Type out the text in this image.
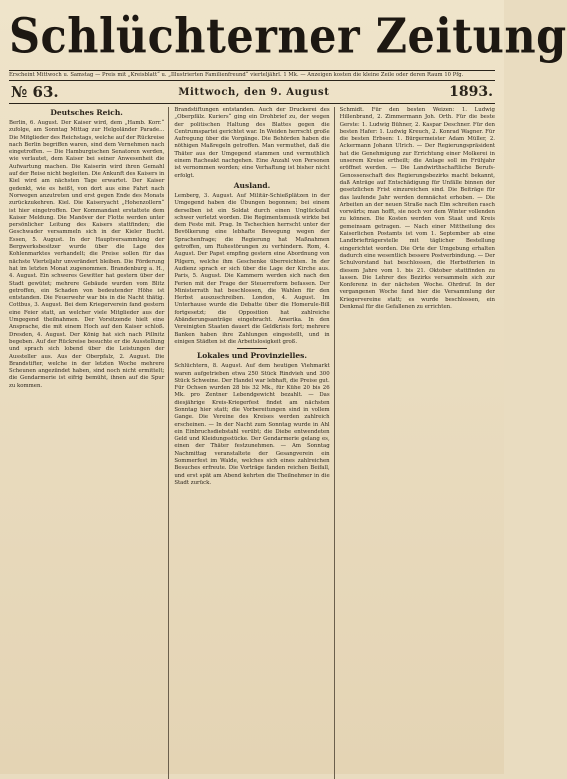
Schlüchterner Zeitung
Erscheint Mittwoch u. Samstag — Preis mit „Kreisblatt“ u. „Illustrierten Familienfreund“ vierteljährl. 1 Mk. — Anzeigen kosten die kleine Zeile oder deren Raum 10 Pfg.
№ 63.	Mittwoch, den 9. August	1893.
Deutsches Reich.

Berlin, 6. August. Der Kaiser wird, dem „Hamb. Korr.“ zufolge, am Sonntag Mittag zur Helgoländer Parade... Die Mitglieder des Reichstags, welche auf der Rückreise nach Berlin begriffen waren, sind dem Vernehmen nach eingetroffen. — Die Hamburgischen Senatoren werden, wie verlautet, dem Kaiser bei seiner Anwesenheit die Aufwartung machen. Die Kaiserin wird ihren Gemahl auf der Reise nicht begleiten. Die Ankunft des Kaisers in Kiel wird am nächsten Tage erwartet. Der Kaiser gedenkt, wie es heißt, von dort aus eine Fahrt nach Norwegen anzutreten und erst gegen Ende des Monats zurückzukehren. Kiel. Die Kaiseryacht „Hohenzollern“ ist hier eingetroffen. Der Kommandant erstattete dem Kaiser Meldung. Die Manöver der Flotte werden unter persönlicher Leitung des Kaisers stattfinden; die Geschwader versammeln sich in der Kieler Bucht. Essen, 5. August. In der Hauptversammlung der Bergwerksbesitzer wurde über die Lage des Kohlenmarktes verhandelt; die Preise sollen für das nächste Vierteljahr unverändert bleiben. Die Förderung hat im letzten Monat zugenommen. Brandenburg a. H., 4. August. Ein schweres Gewitter hat gestern über der Stadt gewütet; mehrere Gebäude wurden vom Blitz getroffen, ein Schaden von bedeutender Höhe ist entstanden. Die Feuerwehr war bis in die Nacht thätig. Cottbus, 3. August. Bei dem Kriegerverein fand gestern eine Feier statt, an welcher viele Mitglieder aus der Umgegend theilnahmen. Der Vorsitzende hielt eine Ansprache, die mit einem Hoch auf den Kaiser schloß. Dresden, 4. August. Der König hat sich nach Pillnitz begeben. Auf der Rückreise besuchte er die Ausstellung und sprach sich lobend über die Leistungen der Aussteller aus. Aus der Oberpfalz, 2. August. Die Brandstifter, welche in der letzten Woche mehrere Scheunen angezündet haben, sind noch nicht ermittelt; die Gendarmerie ist eifrig bemüht, ihnen auf die Spur zu kommen.

Brandstiftungen entstanden. Auch der Druckerei des „Oberpfälz. Kuriers“ ging ein Drohbrief zu, der wegen der politischen Haltung des Blattes gegen die Centrumspartei gerichtet war. In Weiden herrscht große Aufregung über die Vorgänge. Die Behörden haben die nöthigen Maßregeln getroffen. Man vermuthet, daß die Thäter aus der Umgegend stammen und vermuthlich einem Racheakt nachgehen. Eine Anzahl von Personen ist vernommen worden; eine Verhaftung ist bisher nicht erfolgt.

Ausland.

Lemberg, 3. August. Auf Militär-Schießplätzen in der Umgegend haben die Übungen begonnen; bei einem derselben ist ein Soldat durch einen Unglücksfall schwer verletzt worden. Die Regimentsmusik wirkte bei dem Feste mit. Prag. In Tschechien herrscht unter der Bevölkerung eine lebhafte Bewegung wegen der Sprachenfrage; die Regierung hat Maßnahmen getroffen, um Ruhestörungen zu verhindern. Rom, 4. August. Der Papst empfing gestern eine Abordnung von Pilgern, welche ihm Geschenke überreichten. In der Audienz sprach er sich über die Lage der Kirche aus. Paris, 5. August. Die Kammern werden sich nach den Ferien mit der Frage der Steuerreform befassen. Der Ministerrath hat beschlossen, die Wahlen für den Herbst auszuschreiben. London, 4. August. Im Unterhause wurde die Debatte über die Homerule-Bill fortgesetzt; die Opposition hat zahlreiche Abänderungsanträge eingebracht. Amerika. In den Vereinigten Staaten dauert die Geldkrisis fort; mehrere Banken haben ihre Zahlungen eingestellt, und in einigen Städten ist die Arbeitslosigkeit groß.

Lokales und Provinzielles.

Schlüchtern, 8. August. Auf dem heutigen Viehmarkt waren aufgetrieben etwa 250 Stück Rindvieh und 300 Stück Schweine. Der Handel war lebhaft, die Preise gut. Für Ochsen wurden 28 bis 32 Mk., für Kühe 20 bis 26 Mk. pro Zentner Lebendgewicht bezahlt. — Das diesjährige Kreis-Kriegerfest findet am nächsten Sonntag hier statt; die Vorbereitungen sind in vollem Gange. Die Vereine des Kreises werden zahlreich erscheinen. — In der Nacht zum Sonntag wurde in Ahl ein Einbruchsdiebstahl verübt; die Diebe entwendeten Geld und Kleidungsstücke. Der Gendarmerie gelang es, einen der Thäter festzunehmen. — Am Sonntag Nachmittag veranstaltete der Gesangverein ein Sommerfest im Walde, welches sich eines zahlreichen Besuches erfreute. Die Vorträge fanden reichen Beifall, und erst spät am Abend kehrten die Theilnehmer in die Stadt zurück.

Schmidt. Für den besten Weizen: 1. Ludwig Hillenbrand, 2. Zimmermann Joh. Orth. Für die beste Gerste: 1. Ludwig Bühner, 2. Kaspar Deschner. Für den besten Hafer: 1. Ludwig Kreuch, 2. Konrad Wagner. Für die besten Erbsen: 1. Bürgermeister Adam Müller, 2. Ackermann Johann Ulrich. — Der Regierungspräsident hat die Genehmigung zur Errichtung einer Molkerei in unserem Kreise ertheilt; die Anlage soll im Frühjahr eröffnet werden. — Die Landwirthschaftliche Berufs-Genossenschaft des Regierungsbezirks macht bekannt, daß Anträge auf Entschädigung für Unfälle binnen der gesetzlichen Frist einzureichen sind. Die Beiträge für das laufende Jahr werden demnächst erhoben. — Die Arbeiten an der neuen Straße nach Elm schreiten rasch vorwärts; man hofft, sie noch vor dem Winter vollenden zu können. Die Kosten werden von Staat und Kreis gemeinsam getragen. — Nach einer Mittheilung des Kaiserlichen Postamts ist vom 1. September ab eine Landbriefträgerstelle mit täglicher Bestellung eingerichtet worden. Die Orte der Umgebung erhalten dadurch eine wesentlich bessere Postverbindung. — Der Schulvorstand hat beschlossen, die Herbstferien in diesem Jahre vom 1. bis 21. Oktober stattfinden zu lassen. Die Lehrer des Bezirks versammeln sich zur Konferenz in der nächsten Woche. Ohrdruf. In der vergangenen Woche fand hier die Versammlung der Kriegervereine statt; es wurde beschlossen, ein Denkmal für die Gefallenen zu errichten.
